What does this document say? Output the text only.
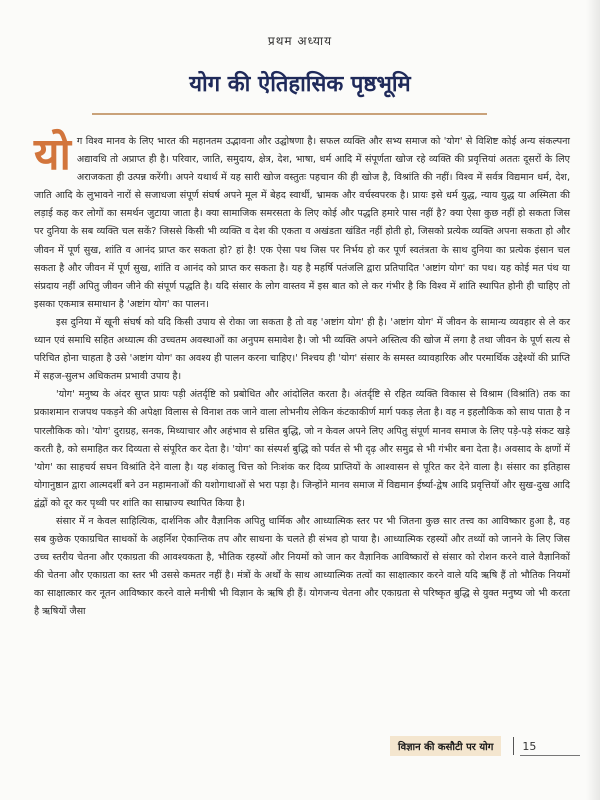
प्रथम अध्याय
योग की ऐतिहासिक पृष्ठभूमि

यो ग विश्व मानव के लिए भारत की महानतम उद्भावना और उद्घोषणा है। सफल व्यक्ति और सभ्य समाज को 'योग' से विशिष्ट कोई अन्य संकल्पना अद्यावधि तो अप्राप्त ही है। परिवार, जाति, समुदाय, क्षेत्र, देश, भाषा, धर्म आदि में संपूर्णता खोज रहे व्यक्ति की प्रवृत्तियां अततः दूसरों के लिए अराजकता ही उत्पन्न करेंगी। अपने यथार्थ में यह सारी खोज वस्तुतः पहचान की ही खोज है, विश्रांति की नहीं। विश्व में सर्वत्र विद्यमान धर्म, देश, जाति आदि के लुभावने नारों से सजाधजा संपूर्ण संघर्ष अपने मूल में बेहद स्वार्थी, भ्रामक और वर्चस्वपरक है। प्रायः इसे धर्म युद्ध, न्याय युद्ध या अस्मिता की लड़ाई कह कर लोगों का समर्थन जुटाया जाता है। क्या सामाजिक समरसता के लिए कोई और पद्धति हमारे पास नहीं है? क्या ऐसा कुछ नहीं हो सकता जिस पर दुनिया के सब व्यक्ति चल सकें? जिससे किसी भी व्यक्ति व देश की एकता व अखंडता खंडित नहीं होती हो, जिसको प्रत्येक व्यक्ति अपना सकता हो और जीवन में पूर्ण सुख, शांति व आनंद प्राप्त कर सकता हो? हां है! एक ऐसा पथ जिस पर निर्भय हो कर पूर्ण स्वतंत्रता के साथ दुनिया का प्रत्येक इंसान चल सकता है और जीवन में पूर्ण सुख, शांति व आनंद को प्राप्त कर सकता है। यह है महर्षि पतंजलि द्वारा प्रतिपादित 'अष्टांग योग' का पथ। यह कोई मत पंथ या संप्रदाय नहीं अपितु जीवन जीने की संपूर्ण पद्धति है। यदि संसार के लोग वास्तव में इस बात को ले कर गंभीर है कि विश्व में शांति स्थापित होनी ही चाहिए तो इसका एकमात्र समाधान है 'अष्टांग योग' का पालन।

इस दुनिया में खूनी संघर्ष को यदि किसी उपाय से रोका जा सकता है तो वह 'अष्टांग योग' ही है। 'अष्टांग योग' में जीवन के सामान्य व्यवहार से ले कर ध्यान एवं समाधि सहित अध्यात्म की उच्चतम अवस्थाओं का अनुपम समावेश है। जो भी व्यक्ति अपने अस्तित्व की खोज में लगा है तथा जीवन के पूर्ण सत्य से परिचित होना चाहता है उसे 'अष्टांग योग' का अवश्य ही पालन करना चाहिए।' निश्चय ही 'योग' संसार के समस्त व्यावहारिक और परमार्थिक उद्देश्यों की प्राप्ति में सहज-सुलभ अधिकतम प्रभावी उपाय है।

'योग' मनुष्य के अंदर सुप्त प्रायः पड़ी अंतर्दृष्टि को प्रबोधित और आंदोलित करता है। अंतर्दृष्टि से रहित व्यक्ति विकास से विश्राम (विश्रांति) तक का प्रकाशमान राजपथ पकड़ने की अपेक्षा विलास से विनाश तक जाने वाला लोभनीय लेकिन कंटकाकीर्ण मार्ग पकड़ लेता है। वह न इहलौकिक को साध पाता है न पारलौकिक को। 'योग' दुराग्रह, सनक, मिथ्याचार और अहंभाव से ग्रसित बुद्धि, जो न केवल अपने लिए अपितु संपूर्ण मानव समाज के लिए पड़े-पड़े संकट खड़े करती है, को समाहित कर दिव्यता से संपूरित कर देता है। 'योग' का संस्पर्श बुद्धि को पर्वत से भी दृढ़ और समुद्र से भी गंभीर बना देता है। अवसाद के क्षणों में 'योग' का साहचर्य सघन विश्रांति देने वाला है। यह शंकालु चित्त को निःशंक कर दिव्य प्राप्तियों के आश्वासन से पूरित कर देने वाला है। संसार का इतिहास योगानुष्ठान द्वारा आत्मदर्शी बने उन महामनाओं की यशोगाथाओं से भरा पड़ा है। जिन्होंने मानव समाज में विद्यमान ईर्ष्या-द्वेष आदि प्रवृत्तियों और सुख-दुख आदि द्वंद्वों को दूर कर पृथ्वी पर शांति का साम्राज्य स्थापित किया है।

संसार में न केवल साहित्यिक, दार्शनिक और वैज्ञानिक अपितु धार्मिक और आध्यात्मिक स्तर पर भी जितना कुछ सार तत्त्व का आविष्कार हुआ है, वह सब कुछेक एकाग्रचित साधकों के अहर्निश ऐकान्तिक तप और साधना के चलते ही संभव हो पाया है। आध्यात्मिक रहस्यों और तथ्यों को जानने के लिए जिस उच्च स्तरीय चेतना और एकाग्रता की आवश्यकता है, भौतिक रहस्यों और नियमों को जान कर वैज्ञानिक आविष्कारों से संसार को रोशन करने वाले वैज्ञानिकों की चेतना और एकाग्रता का स्तर भी उससे कमतर नहीं है। मंत्रों के अर्थों के साथ आध्यात्मिक तत्वों का साक्षात्कार करने वाले यदि ऋषि हैं तो भौतिक नियमों का साक्षात्कार कर नूतन आविष्कार करने वाले मनीषी भी विज्ञान के ऋषि ही हैं। योगजन्य चेतना और एकाग्रता से परिष्कृत बुद्धि से युक्त मनुष्य जो भी करता है ऋषियों जैसा

विज्ञान की कसौटी पर योग	15
